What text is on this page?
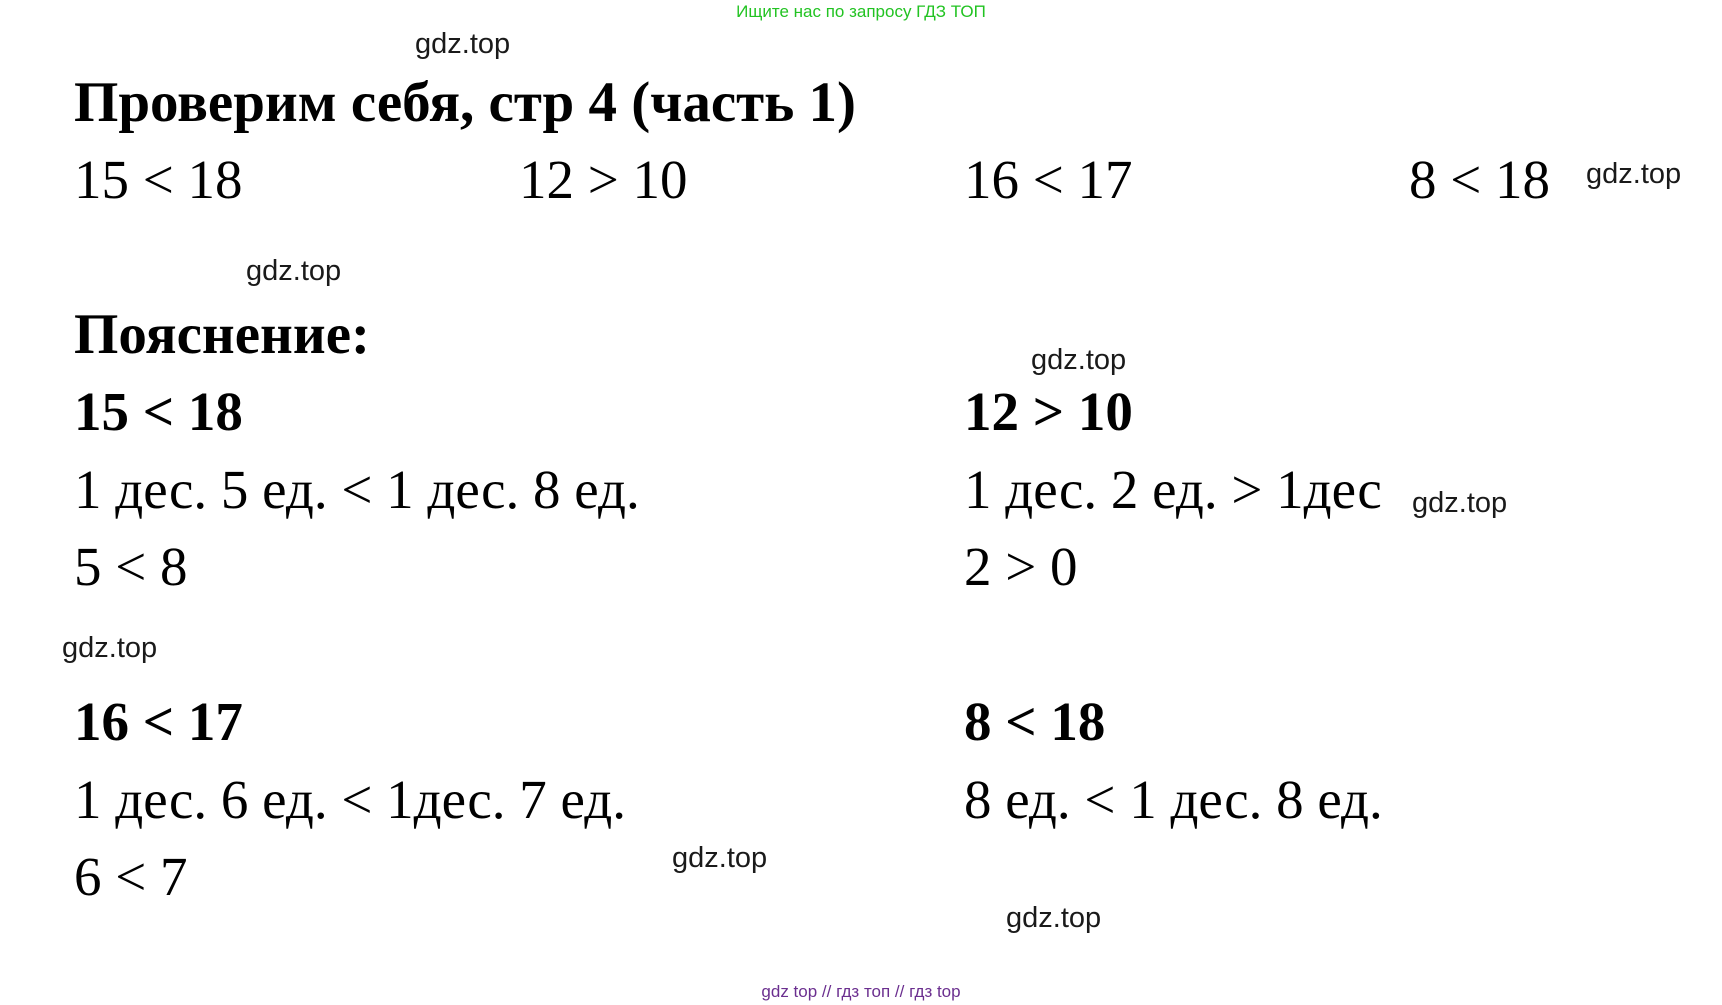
Ищите нас по запросу ГДЗ ТОП
gdz.top
Проверим себя, стр 4 (часть 1)
15 < 18	12 > 10	16 < 17	8 < 18 gdz.top
gdz.top
Пояснение:	gdz.top
15 < 18
1 дес. 5 ед. < 1 дес. 8 ед.
5 < 8
12 > 10
1 дес. 2 ед. > 1дес
2 > 0
gdz.top
gdz.top
16 < 17
1 дес. 6 ед. < 1дес. 7 ед.
6 < 7
8 < 18
8 ед. < 1 дес. 8 ед.
gdz.top
gdz.top
gdz top // гдз топ // гдз top
